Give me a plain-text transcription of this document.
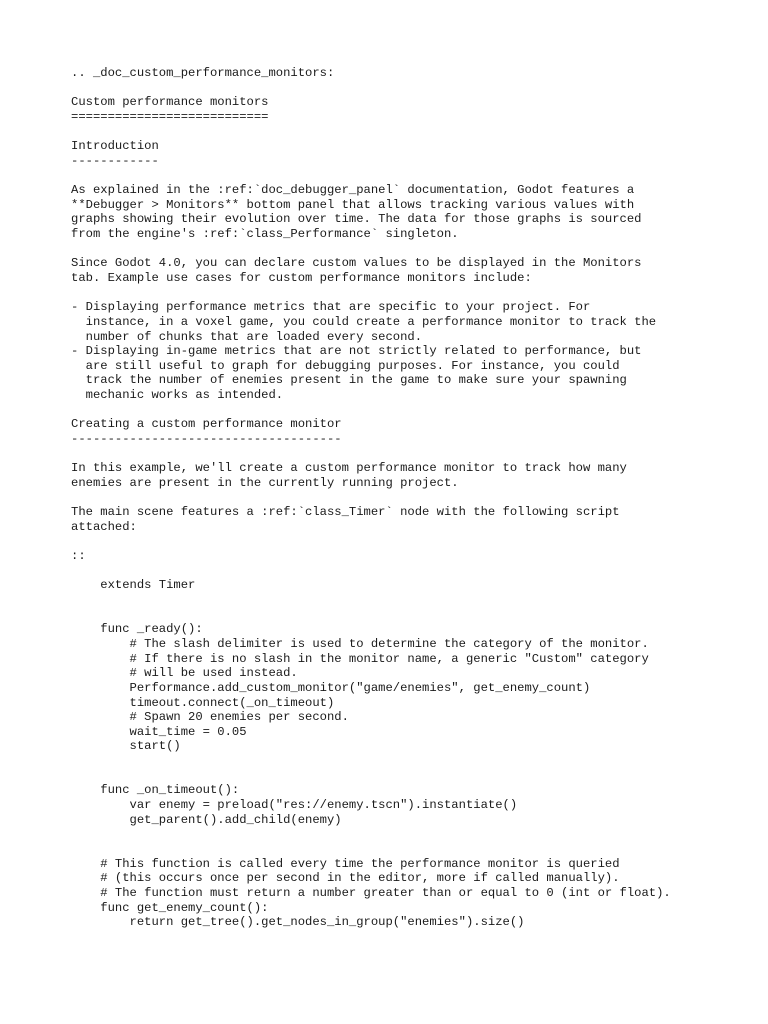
.. _doc_custom_performance_monitors:
Custom performance monitors
===========================
Introduction
------------
As explained in the :ref:`doc_debugger_panel` documentation, Godot features a
**Debugger > Monitors** bottom panel that allows tracking various values with
graphs showing their evolution over time. The data for those graphs is sourced
from the engine's :ref:`class_Performance` singleton.
Since Godot 4.0, you can declare custom values to be displayed in the Monitors
tab. Example use cases for custom performance monitors include:
- Displaying performance metrics that are specific to your project. For
instance, in a voxel game, you could create a performance monitor to track the
number of chunks that are loaded every second.
- Displaying in-game metrics that are not strictly related to performance, but
are still useful to graph for debugging purposes. For instance, you could
track the number of enemies present in the game to make sure your spawning
mechanic works as intended.
Creating a custom performance monitor
-------------------------------------
In this example, we'll create a custom performance monitor to track how many
enemies are present in the currently running project.
The main scene features a :ref:`class_Timer` node with the following script
attached:
::
extends Timer
func _ready():
# The slash delimiter is used to determine the category of the monitor.
# If there is no slash in the monitor name, a generic "Custom" category
# will be used instead.
Performance.add_custom_monitor("game/enemies", get_enemy_count)
timeout.connect(_on_timeout)
# Spawn 20 enemies per second.
wait_time = 0.05
start()
func _on_timeout():
var enemy = preload("res://enemy.tscn").instantiate()
get_parent().add_child(enemy)
# This function is called every time the performance monitor is queried
# (this occurs once per second in the editor, more if called manually).
# The function must return a number greater than or equal to 0 (int or float).
func get_enemy_count():
return get_tree().get_nodes_in_group("enemies").size()
